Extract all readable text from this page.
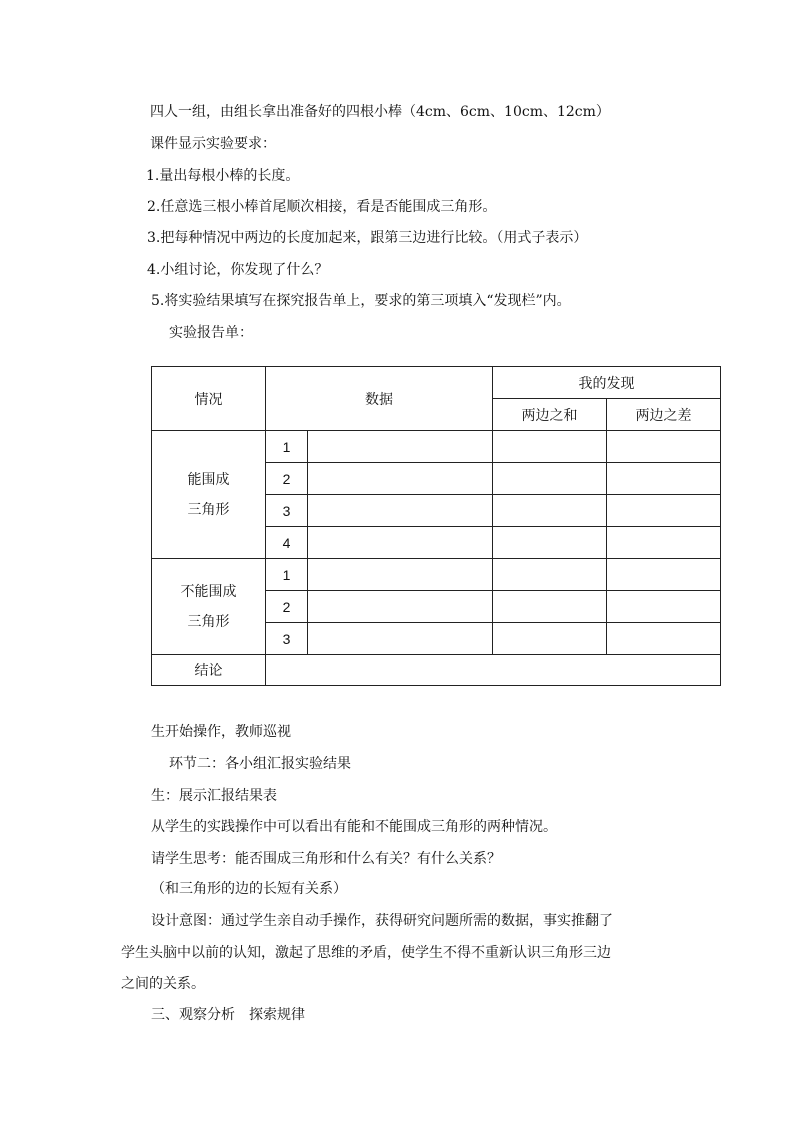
四人一组，由组长拿出准备好的四根小棒（4cm、6cm、10cm、12cm）
课件显示实验要求：
1.量出每根小棒的长度。
2.任意选三根小棒首尾顺次相接，看是否能围成三角形。
3.把每种情况中两边的长度加起来，跟第三边进行比较。（用式子表示）
4.小组讨论，你发现了什么？
5.将实验结果填写在探究报告单上，要求的第三项填入“发现栏”内。
实验报告单：
情况	数据		我的发现	
			两边之和	两边之差

能围成
三角形	1			
	2			
	3			
	4			

不能围成
三角形	1			
	2			
	3			
结论				
生开始操作，教师巡视
环节二：各小组汇报实验结果
生：展示汇报结果表
从学生的实践操作中可以看出有能和不能围成三角形的两种情况。
请学生思考：能否围成三角形和什么有关？有什么关系？
（和三角形的边的长短有关系）
设计意图：通过学生亲自动手操作，获得研究问题所需的数据，事实推翻了
学生头脑中以前的认知，激起了思维的矛盾，使学生不得不重新认识三角形三边
之间的关系。
三、观察分析　探索规律
